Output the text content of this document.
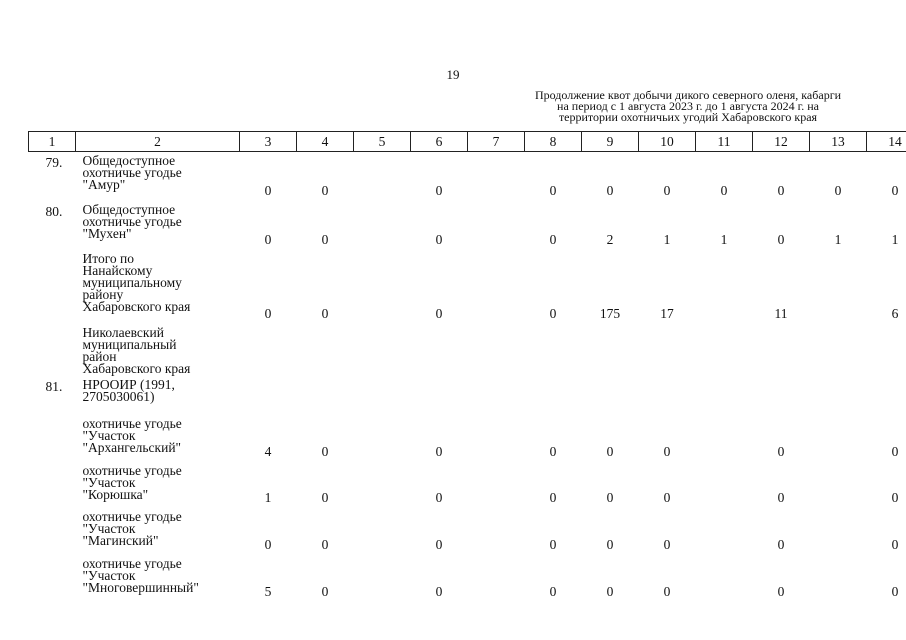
19
Продолжение квот добычи дикого северного оленя, кабарги
на период с 1 августа 2023 г. до 1 августа 2024 г. на
территории охотничьих угодий Хабаровского края
1	2	3	4	5	6	7	8	9	10	11	12	13	14
79.	Общедоступное
охотничье угодье
"Амур"	0	0		0		0	0	0	0	0	0	0
80.	Общедоступное
охотничье угодье
"Мухен"	0	0		0		0	2	1	1	0	1	1

	Итого по
Нанайскому
муниципальному
району
Хабаровского края	0	0		0		0	175	17		11		6

	Николаевский
муниципальный
район
Хабаровского края												

81.	НРООИР (1991,
2705030061)												

	охотничье угодье
"Участок
"Архангельский"	4	0		0		0	0	0		0		0

	охотничье угодье
"Участок
"Корюшка"	1	0		0		0	0	0		0		0

	охотничье угодье
"Участок
"Магинский"	0	0		0		0	0	0		0		0

	охотничье угодье
"Участок
"Многовершинный"	5	0		0		0	0	0		0		0
